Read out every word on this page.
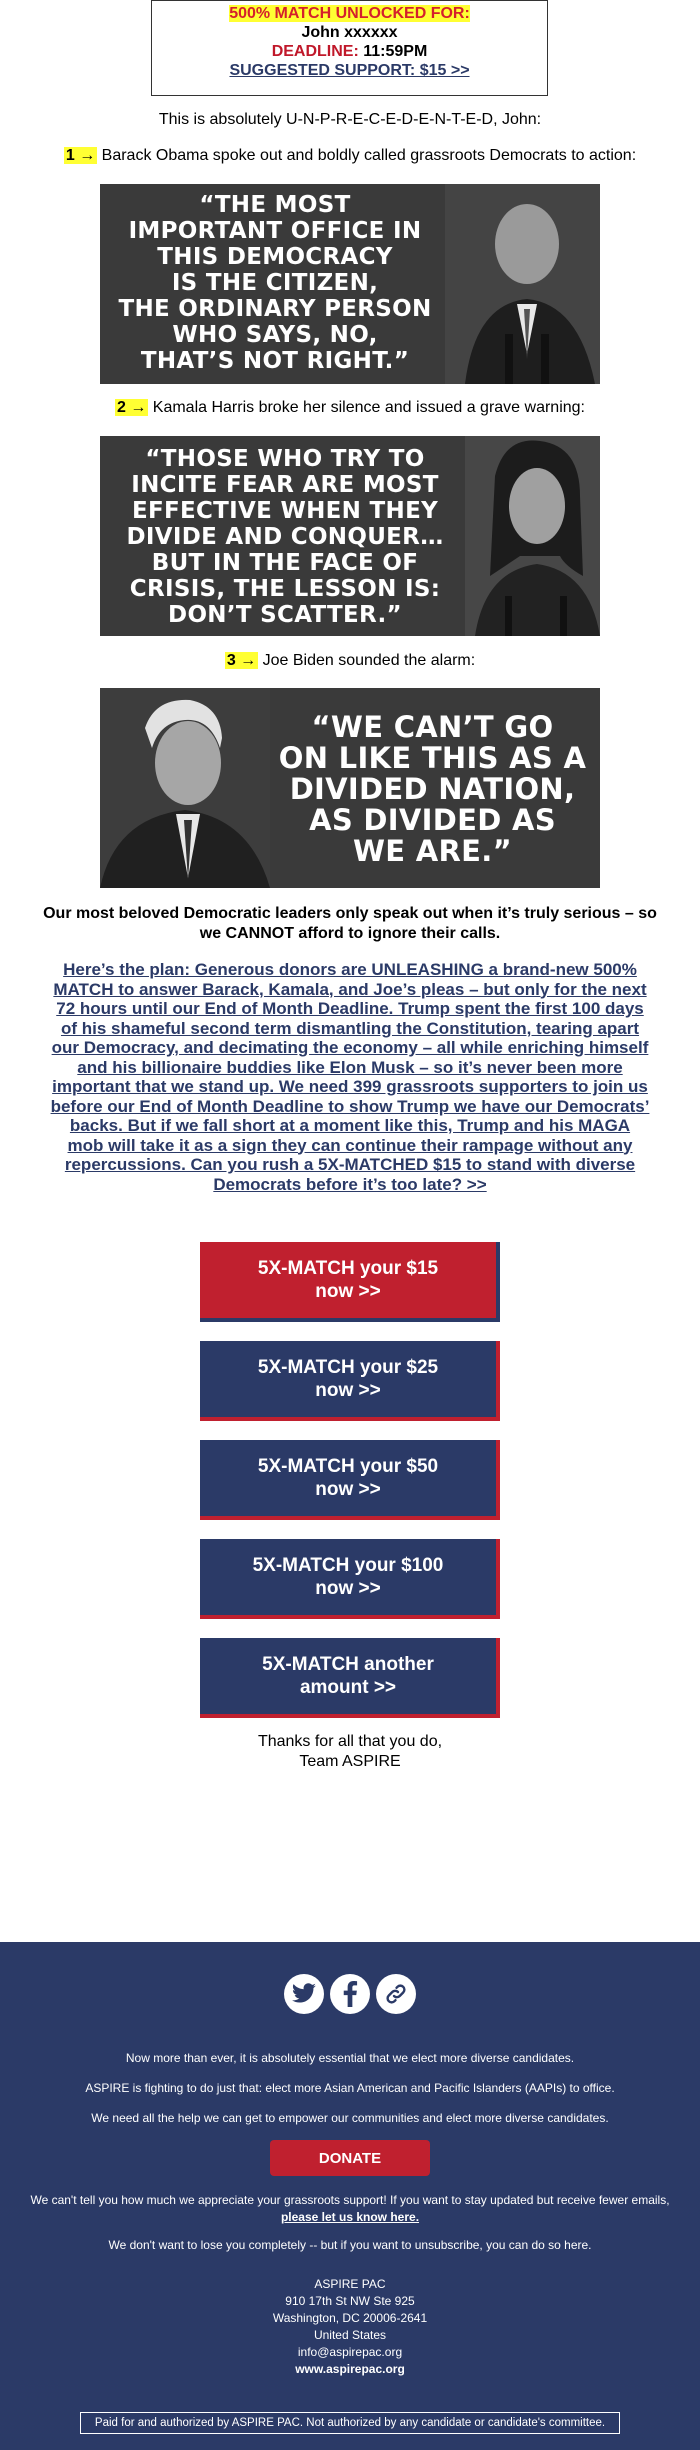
500% MATCH UNLOCKED FOR:
John xxxxxx
DEADLINE: 11:59PM
SUGGESTED SUPPORT: $15 >>
This is absolutely U-N-P-R-E-C-E-D-E-N-T-E-D, John:
1 → Barack Obama spoke out and boldly called grassroots Democrats to action:
“THE MOST
IMPORTANT OFFICE IN
THIS DEMOCRACY
IS THE CITIZEN,
THE ORDINARY PERSON
WHO SAYS, NO,
THAT’S NOT RIGHT.”
2 → Kamala Harris broke her silence and issued a grave warning:
“THOSE WHO TRY TO
INCITE FEAR ARE MOST
EFFECTIVE WHEN THEY
DIVIDE AND CONQUER…
BUT IN THE FACE OF
CRISIS, THE LESSON IS:
DON’T SCATTER.”
3 → Joe Biden sounded the alarm:
“WE CAN’T GO
ON LIKE THIS AS A
DIVIDED NATION,
AS DIVIDED AS
WE ARE.”
Our most beloved Democratic leaders only speak out when it’s truly serious – so we CANNOT afford to ignore their calls.
Here’s the plan: Generous donors are UNLEASHING a brand-new 500% MATCH to answer Barack, Kamala, and Joe’s pleas – but only for the next 72 hours until our End of Month Deadline. Trump spent the first 100 days of his shameful second term dismantling the Constitution, tearing apart our Democracy, and decimating the economy – all while enriching himself and his billionaire buddies like Elon Musk – so it’s never been more important that we stand up. We need 399 grassroots supporters to join us before our End of Month Deadline to show Trump we have our Democrats’ backs. But if we fall short at a moment like this, Trump and his MAGA mob will take it as a sign they can continue their rampage without any repercussions. Can you rush a 5X-MATCHED $15 to stand with diverse Democrats before it’s too late? >>
5X-MATCH your $15
now >>
5X-MATCH your $25
now >>
5X-MATCH your $50
now >>
5X-MATCH your $100
now >>
5X-MATCH another
amount >>
Thanks for all that you do,
Team ASPIRE
Now more than ever, it is absolutely essential that we elect more diverse candidates.
ASPIRE is fighting to do just that: elect more Asian American and Pacific Islanders (AAPIs) to office.
We need all the help we can get to empower our communities and elect more diverse candidates.
DONATE
We can't tell you how much we appreciate your grassroots support! If you want to stay updated but receive fewer emails,
please let us know here.
We don't want to lose you completely -- but if you want to unsubscribe, you can do so here.
ASPIRE PAC
910 17th St NW Ste 925
Washington, DC 20006-2641
United States
info@aspirepac.org
www.aspirepac.org
Paid for and authorized by ASPIRE PAC. Not authorized by any candidate or candidate's committee.
